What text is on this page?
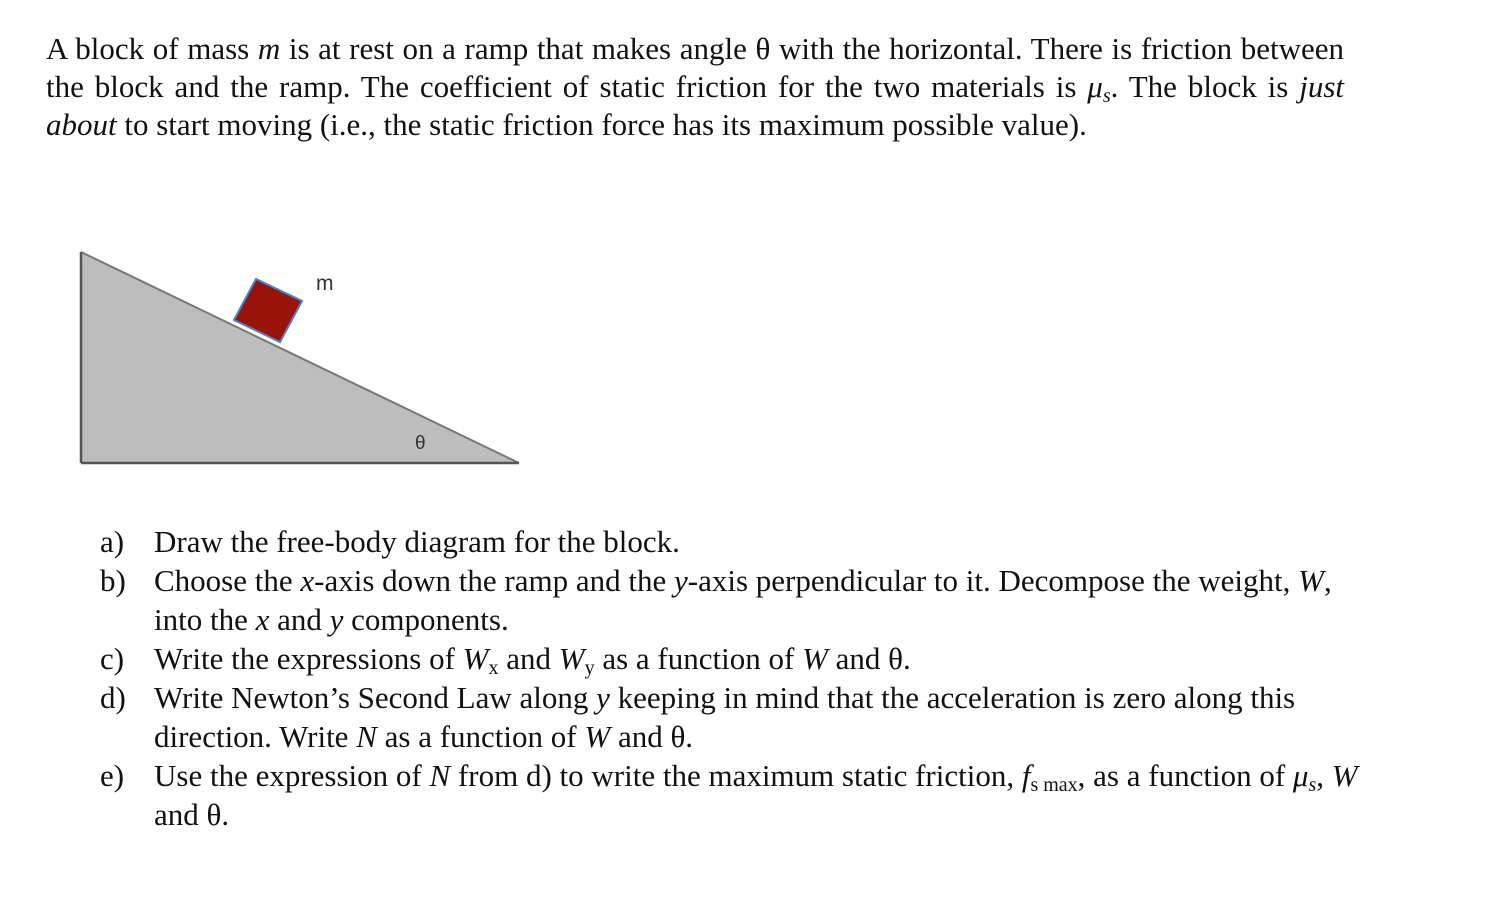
A block of mass m is at rest on a ramp that makes angle θ with the horizontal. There is friction between the block and the ramp. The coefficient of static friction for the two materials is $\mu_s$. The block is just about to start moving (i.e., the static friction force has its maximum possible value).

m
θ
a) Draw the free-body diagram for the block.
b) Choose the x-axis down the ramp and the y-axis perpendicular to it. Decompose the weight, W, into the x and y components.
c) Write the expressions of $W_x$ and $W_y$ as a function of W and θ.
d) Write Newton’s Second Law along y keeping in mind that the acceleration is zero along this direction. Write N as a function of W and θ.
e) Use the expression of N from d) to write the maximum static friction, fs max, as a function of $\mu_s$, W and θ.
